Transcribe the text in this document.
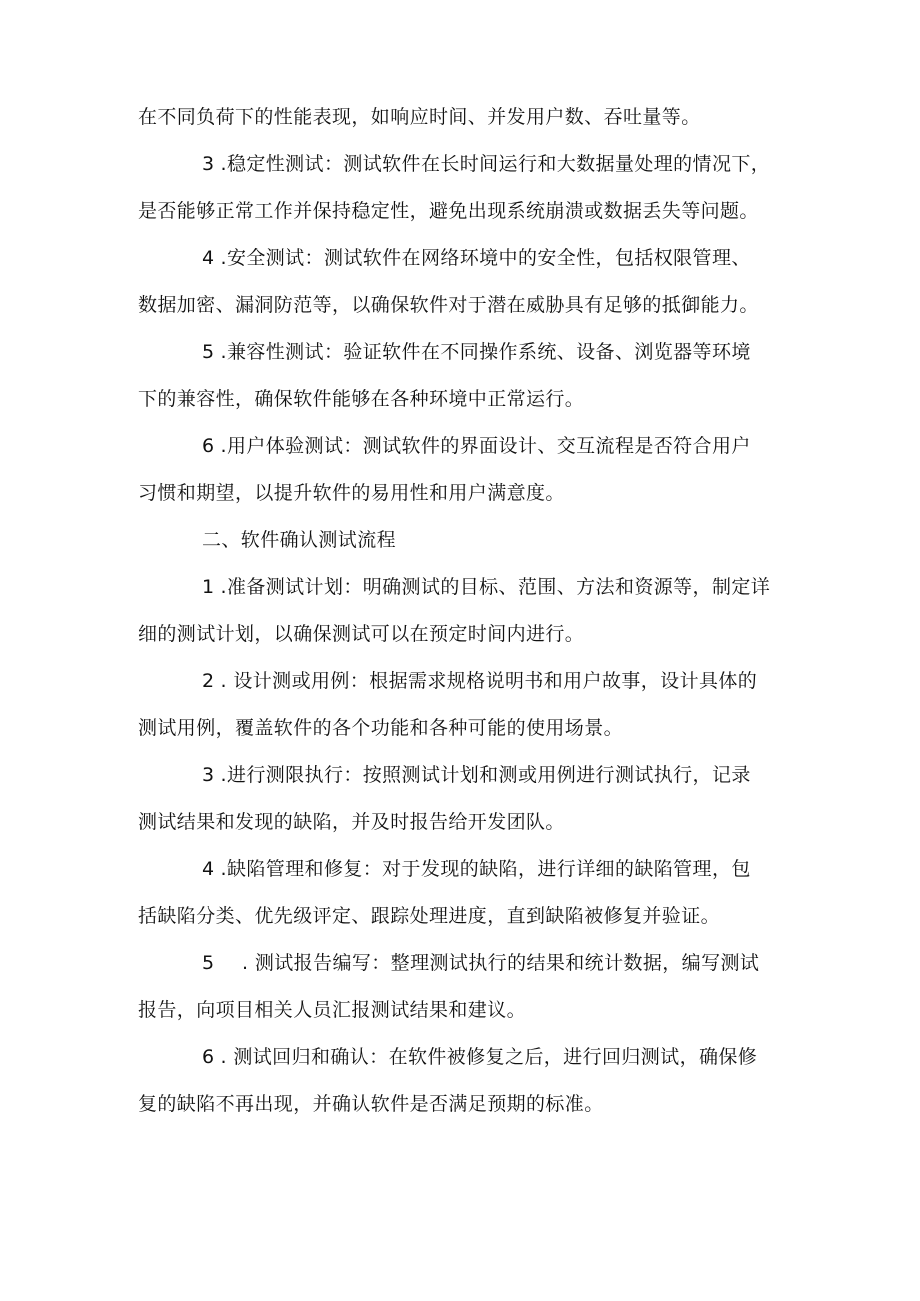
在不同负荷下的性能表现，如响应时间、并发用户数、吞吐量等。
3 .稳定性测试：测试软件在长时间运行和大数据量处理的情况下，
是否能够正常工作并保持稳定性，避免出现系统崩溃或数据丢失等问题。
4 .安全测试：测试软件在网络环境中的安全性，包括权限管理、
数据加密、漏洞防范等，以确保软件对于潜在威胁具有足够的抵御能力。
5 .兼容性测试：验证软件在不同操作系统、设备、浏览器等环境
下的兼容性，确保软件能够在各种环境中正常运行。
6 .用户体验测试：测试软件的界面设计、交互流程是否符合用户
习惯和期望，以提升软件的易用性和用户满意度。
二、软件确认测试流程
1 .准备测试计划：明确测试的目标、范围、方法和资源等，制定详
细的测试计划，以确保测试可以在预定时间内进行。
2 . 设计测或用例：根据需求规格说明书和用户故事，设计具体的
测试用例，覆盖软件的各个功能和各种可能的使用场景。
3 .进行测限执行：按照测试计划和测或用例进行测试执行，记录
测试结果和发现的缺陷，并及时报告给开发团队。
4 .缺陷管理和修复：对于发现的缺陷，进行详细的缺陷管理，包
括缺陷分类、优先级评定、跟踪处理进度，直到缺陷被修复并验证。
5 . 测试报告编写：整理测试执行的结果和统计数据，编写测试
报告，向项目相关人员汇报测试结果和建议。
6 . 测试回归和确认：在软件被修复之后，进行回归测试，确保修
复的缺陷不再出现，并确认软件是否满足预期的标准。
